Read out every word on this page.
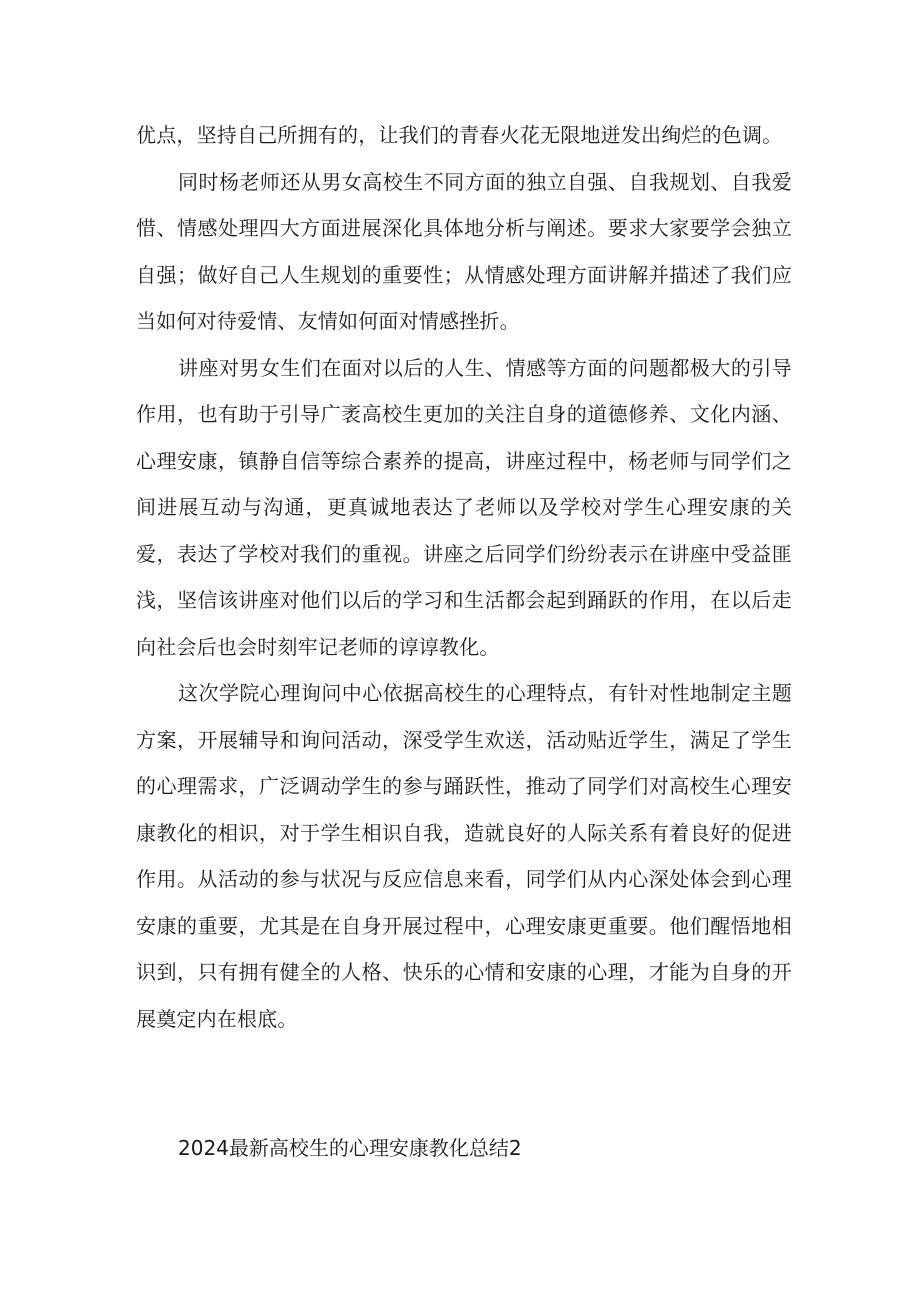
优点，坚持自己所拥有的，让我们的青春火花无限地迸发出绚烂的色调。

同时杨老师还从男女高校生不同方面的独立自强、自我规划、自我爱惜、情感处理四大方面进展深化具体地分析与阐述。要求大家要学会独立自强；做好自己人生规划的重要性；从情感处理方面讲解并描述了我们应当如何对待爱情、友情如何面对情感挫折。

讲座对男女生们在面对以后的人生、情感等方面的问题都极大的引导作用，也有助于引导广袤高校生更加的关注自身的道德修养、文化内涵、心理安康，镇静自信等综合素养的提高，讲座过程中，杨老师与同学们之间进展互动与沟通，更真诚地表达了老师以及学校对学生心理安康的关爱，表达了学校对我们的重视。讲座之后同学们纷纷表示在讲座中受益匪浅，坚信该讲座对他们以后的学习和生活都会起到踊跃的作用，在以后走向社会后也会时刻牢记老师的谆谆教化。

这次学院心理询问中心依据高校生的心理特点，有针对性地制定主题方案，开展辅导和询问活动，深受学生欢送，活动贴近学生，满足了学生的心理需求，广泛调动学生的参与踊跃性，推动了同学们对高校生心理安康教化的相识，对于学生相识自我，造就良好的人际关系有着良好的促进作用。从活动的参与状况与反应信息来看，同学们从内心深处体会到心理安康的重要，尤其是在自身开展过程中，心理安康更重要。他们醒悟地相识到，只有拥有健全的人格、快乐的心情和安康的心理，才能为自身的开展奠定内在根底。

2024最新高校生的心理安康教化总结2
